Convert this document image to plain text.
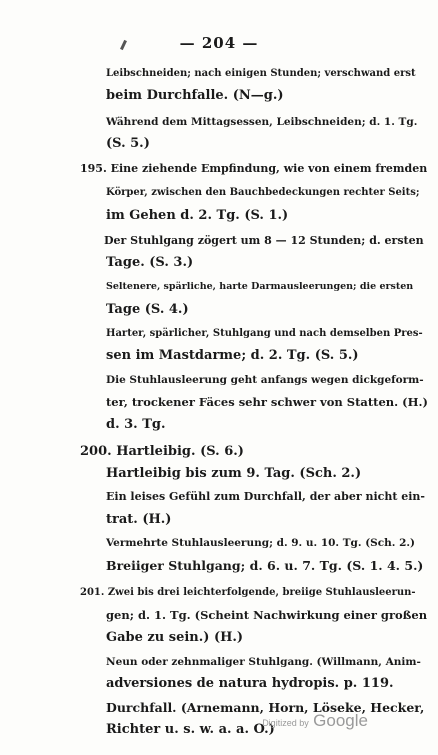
— 204 —
Leibschneiden; nach einigen Stunden; verschwand erst
beim Durchfalle. (N—g.)
Während dem Mittagsessen, Leibschneiden; d. 1. Tg.
(S. 5.)
195. Eine ziehende Empfindung, wie von einem fremden
Körper, zwischen den Bauchbedeckungen rechter Seits;
im Gehen d. 2. Tg. (S. 1.)
Der Stuhlgang zögert um 8 — 12 Stunden; d. ersten
Tage. (S. 3.)
Seltenere, spärliche, harte Darmausleerungen; die ersten
Tage (S. 4.)
Harter, spärlicher, Stuhlgang und nach demselben Pres-
sen im Mastdarme; d. 2. Tg. (S. 5.)
Die Stuhlausleerung geht anfangs wegen dickgeform-
ter, trockener Fäces sehr schwer von Statten. (H.)
d. 3. Tg.
200. Hartleibig. (S. 6.)
Hartleibig bis zum 9. Tag. (Sch. 2.)
Ein leises Gefühl zum Durchfall, der aber nicht ein-
trat. (H.)
Vermehrte Stuhlausleerung; d. 9. u. 10. Tg. (Sch. 2.)
Breiiger Stuhlgang; d. 6. u. 7. Tg. (S. 1. 4. 5.)
201. Zwei bis drei leichterfolgende, breiige Stuhlausleerun-
gen; d. 1. Tg. (Scheint Nachwirkung einer großen
Gabe zu sein.) (H.)
Neun oder zehnmaliger Stuhlgang. (Willmann, Anim-
adversiones de natura hydropis. p. 119.
Durchfall. (Arnemann, Horn, Löseke, Hecker,
Richter u. s. w. a. a. O.)
Digitized by Google
